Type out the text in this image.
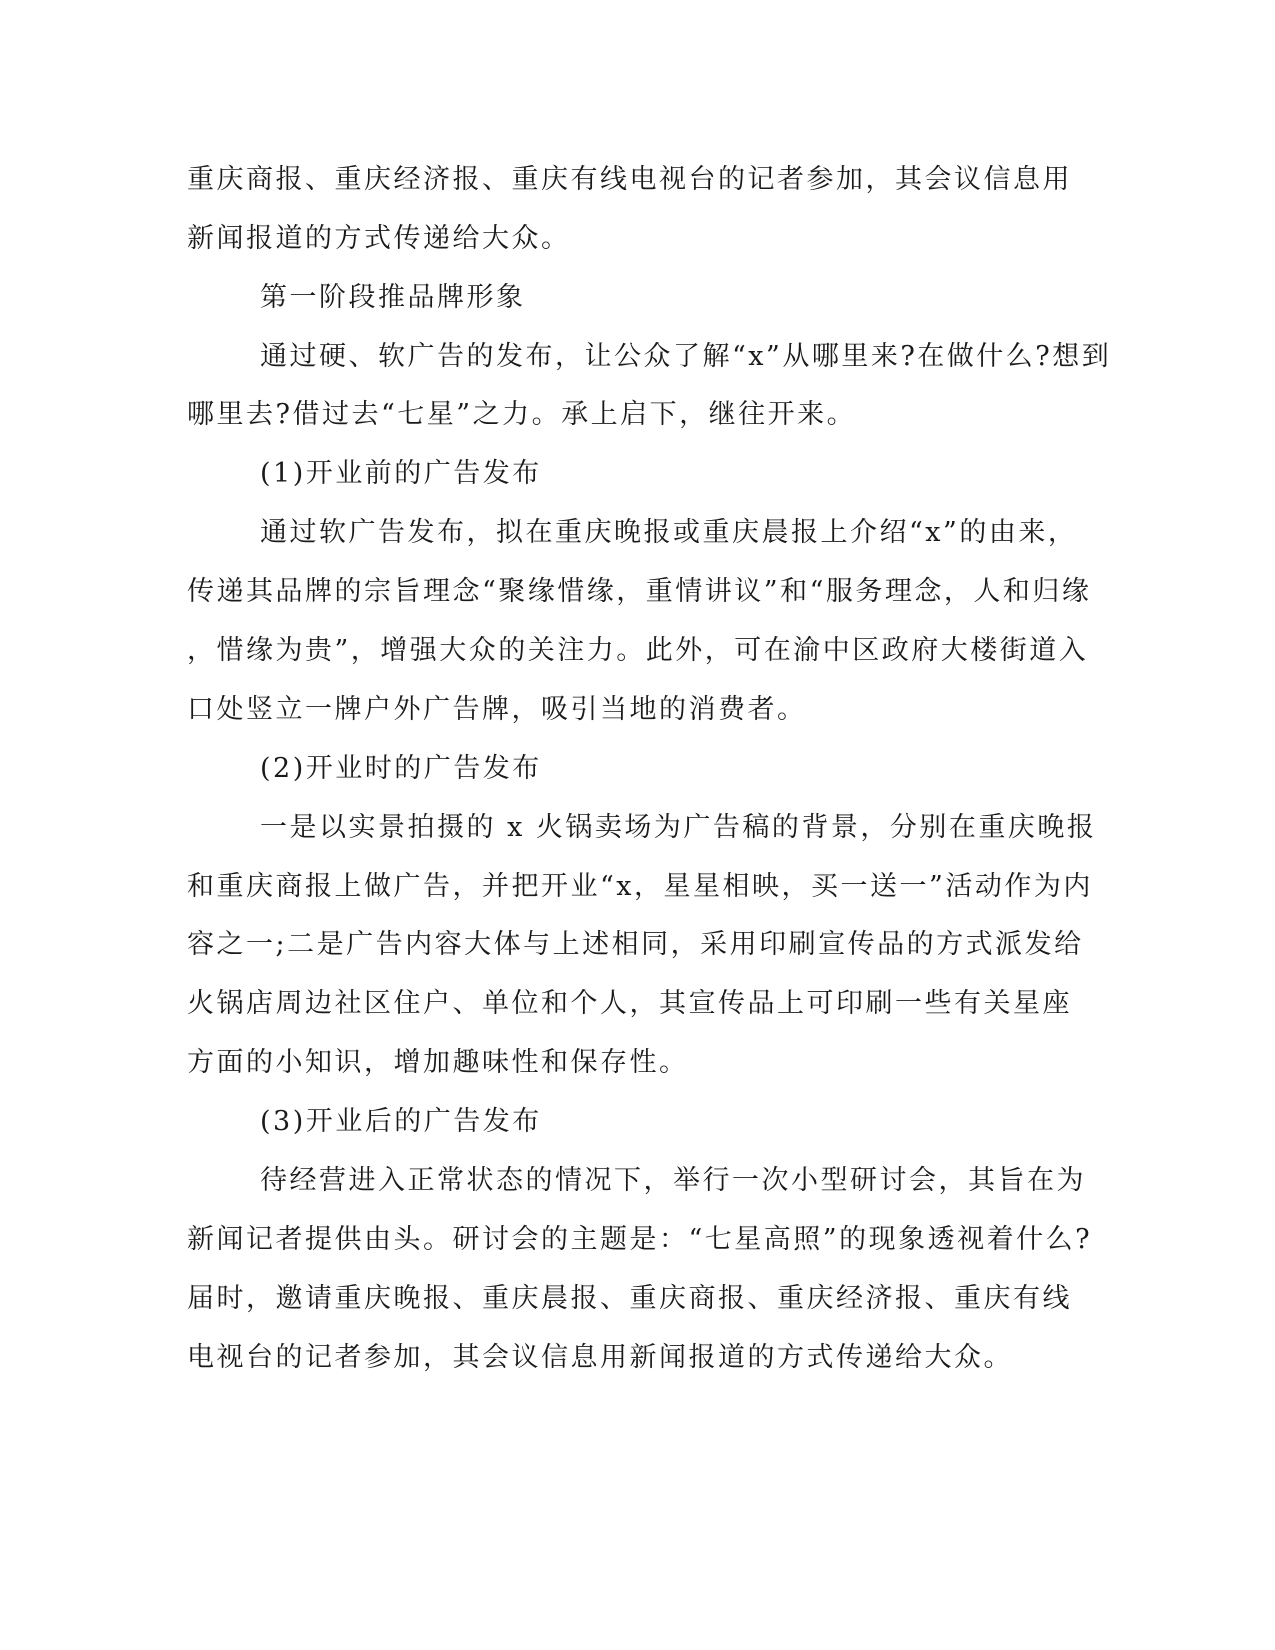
重庆商报、重庆经济报、重庆有线电视台的记者参加，其会议信息用
新闻报道的方式传递给大众。
第一阶段推品牌形象
通过硬、软广告的发布，让公众了解“x”从哪里来?在做什么?想到
哪里去?借过去“七星”之力。承上启下，继往开来。
(1)开业前的广告发布
通过软广告发布，拟在重庆晚报或重庆晨报上介绍“x”的由来，
传递其品牌的宗旨理念“聚缘惜缘，重情讲议”和“服务理念，人和归缘
，惜缘为贵”，增强大众的关注力。此外，可在渝中区政府大楼街道入
口处竖立一牌户外广告牌，吸引当地的消费者。
(2)开业时的广告发布
一是以实景拍摄的 x 火锅卖场为广告稿的背景，分别在重庆晚报
和重庆商报上做广告，并把开业“x，星星相映，买一送一”活动作为内
容之一;二是广告内容大体与上述相同，采用印刷宣传品的方式派发给
火锅店周边社区住户、单位和个人，其宣传品上可印刷一些有关星座
方面的小知识，增加趣味性和保存性。
(3)开业后的广告发布
待经营进入正常状态的情况下，举行一次小型研讨会，其旨在为
新闻记者提供由头。研讨会的主题是：“七星高照”的现象透视着什么?
届时，邀请重庆晚报、重庆晨报、重庆商报、重庆经济报、重庆有线
电视台的记者参加，其会议信息用新闻报道的方式传递给大众。
